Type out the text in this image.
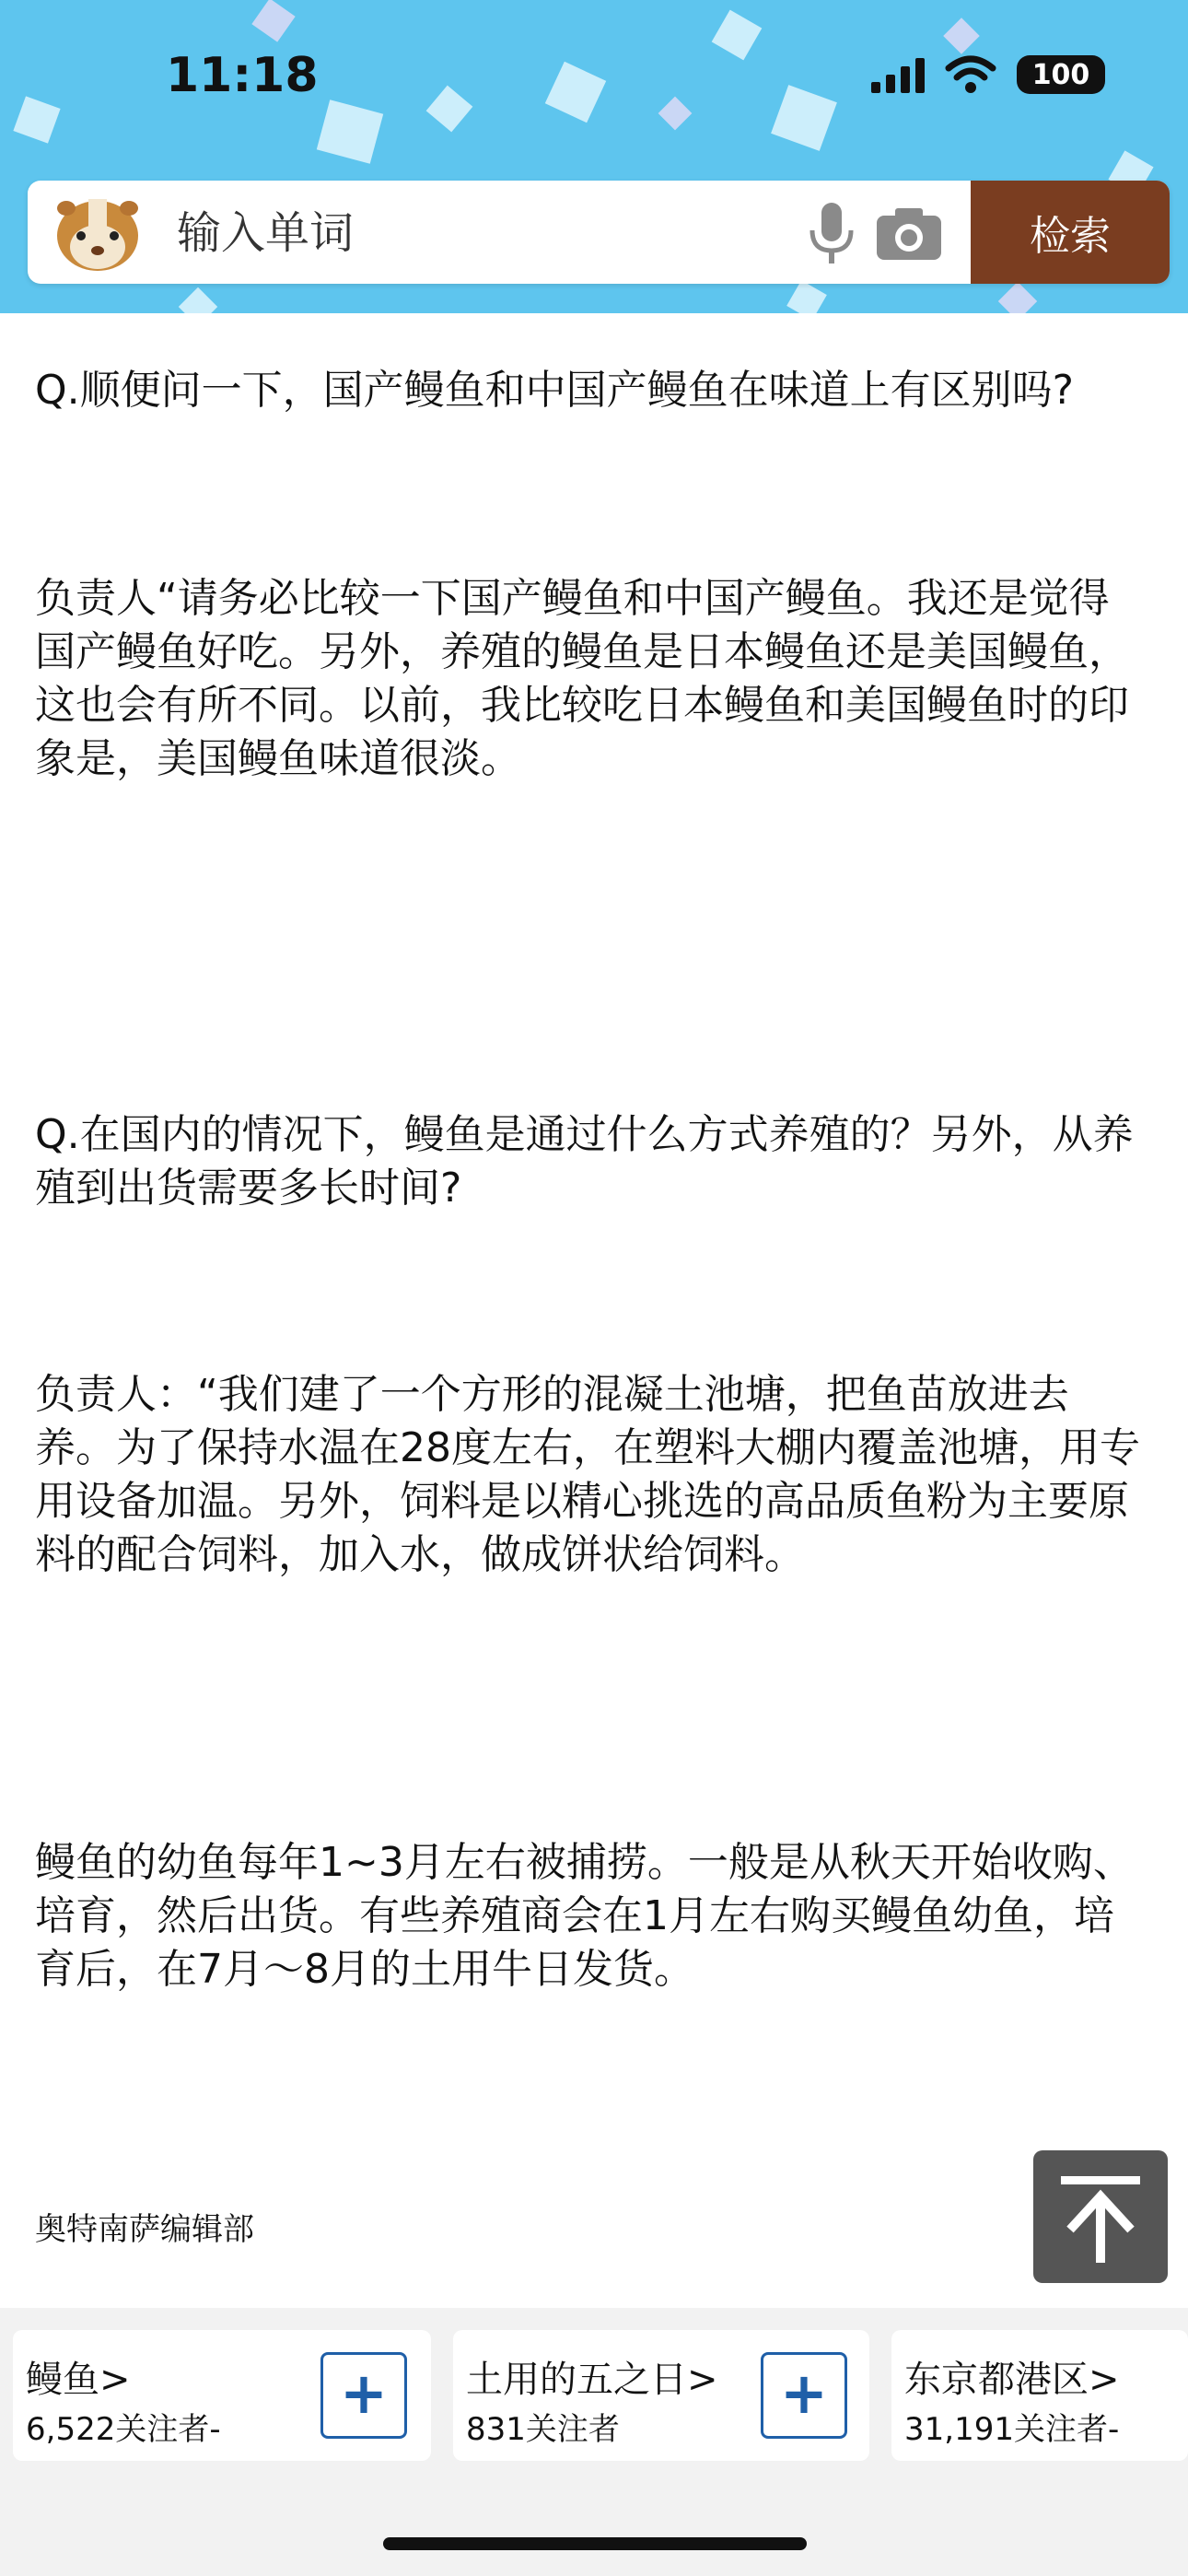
11:18	100
输入单词
检索

Q.顺便问一下，国产鳗鱼和中国产鳗鱼在味道上有区别吗?

负责人“请务必比较一下国产鳗鱼和中国产鳗鱼。我还是觉得国产鳗鱼好吃。另外，养殖的鳗鱼是日本鳗鱼还是美国鳗鱼，这也会有所不同。以前，我比较吃日本鳗鱼和美国鳗鱼时的印象是，美国鳗鱼味道很淡。

Q.在国内的情况下，鳗鱼是通过什么方式养殖的？另外，从养殖到出货需要多长时间?

负责人：“我们建了一个方形的混凝土池塘，把鱼苗放进去养。为了保持水温在28度左右，在塑料大棚内覆盖池塘，用专用设备加温。另外，饲料是以精心挑选的高品质鱼粉为主要原料的配合饲料，加入水，做成饼状给饲料。

鳗鱼的幼鱼每年1~3月左右被捕捞。一般是从秋天开始收购、培育，然后出货。有些养殖商会在1月左右购买鳗鱼幼鱼，培育后，在7月～8月的土用牛日发货。

奥特南萨编辑部
鳗鱼>
6,522关注者-
+	土用的五之日>
831关注者
+	东京都港区>
31,191关注者-
